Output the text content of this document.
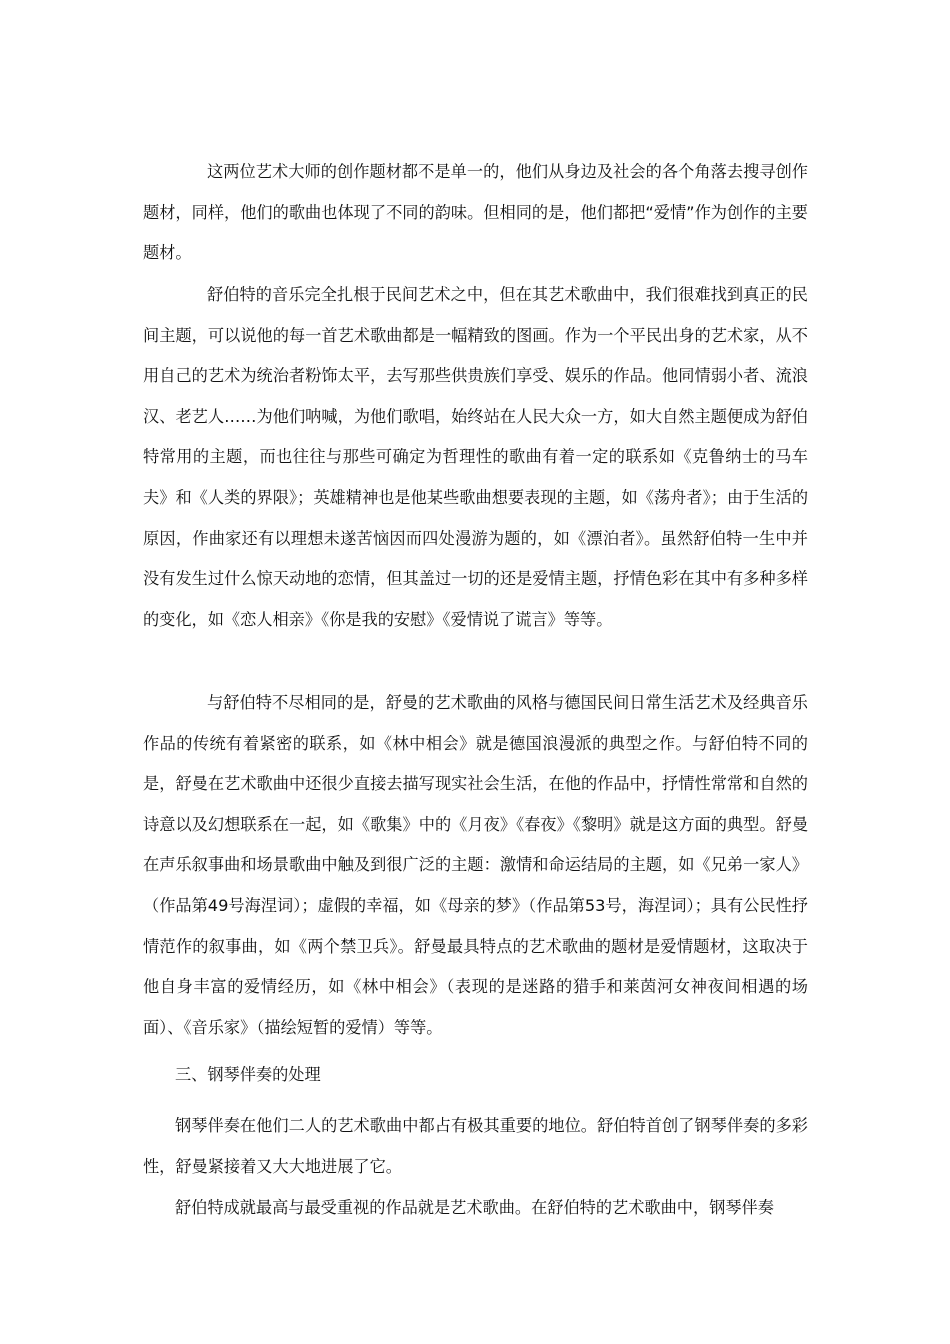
这两位艺术大师的创作题材都不是单一的，他们从身边及社会的各个角落去搜寻创作题材，同样，他们的歌曲也体现了不同的韵味。但相同的是，他们都把“爱情”作为创作的主要题材。

舒伯特的音乐完全扎根于民间艺术之中，但在其艺术歌曲中，我们很难找到真正的民间主题，可以说他的每一首艺术歌曲都是一幅精致的图画。作为一个平民出身的艺术家，从不用自己的艺术为统治者粉饰太平，去写那些供贵族们享受、娱乐的作品。他同情弱小者、流浪汉、老艺人……为他们呐喊，为他们歌唱，始终站在人民大众一方，如大自然主题便成为舒伯特常用的主题，而也往往与那些可确定为哲理性的歌曲有着一定的联系如《克鲁纳士的马车夫》和《人类的界限》；英雄精神也是他某些歌曲想要表现的主题，如《荡舟者》；由于生活的原因，作曲家还有以理想未遂苦恼因而四处漫游为题的，如《漂泊者》。虽然舒伯特一生中并没有发生过什么惊天动地的恋情，但其盖过一切的还是爱情主题，抒情色彩在其中有多种多样的变化，如《恋人相亲》《你是我的安慰》《爱情说了谎言》等等。

与舒伯特不尽相同的是，舒曼的艺术歌曲的风格与德国民间日常生活艺术及经典音乐作品的传统有着紧密的联系，如《林中相会》就是德国浪漫派的典型之作。与舒伯特不同的是，舒曼在艺术歌曲中还很少直接去描写现实社会生活，在他的作品中，抒情性常常和自然的诗意以及幻想联系在一起，如《歌集》中的《月夜》《春夜》《黎明》就是这方面的典型。舒曼在声乐叙事曲和场景歌曲中触及到很广泛的主题：激情和命运结局的主题，如《兄弟一家人》（作品第49号海涅词）；虚假的幸福，如《母亲的梦》（作品第53号，海涅词）；具有公民性抒情范作的叙事曲，如《两个禁卫兵》。舒曼最具特点的艺术歌曲的题材是爱情题材，这取决于他自身丰富的爱情经历，如《林中相会》（表现的是迷路的猎手和莱茵河女神夜间相遇的场面）、《音乐家》（描绘短暂的爱情）等等。

三、钢琴伴奏的处理

钢琴伴奏在他们二人的艺术歌曲中都占有极其重要的地位。舒伯特首创了钢琴伴奏的多彩性，舒曼紧接着又大大地进展了它。

舒伯特成就最高与最受重视的作品就是艺术歌曲。在舒伯特的艺术歌曲中，钢琴伴奏
